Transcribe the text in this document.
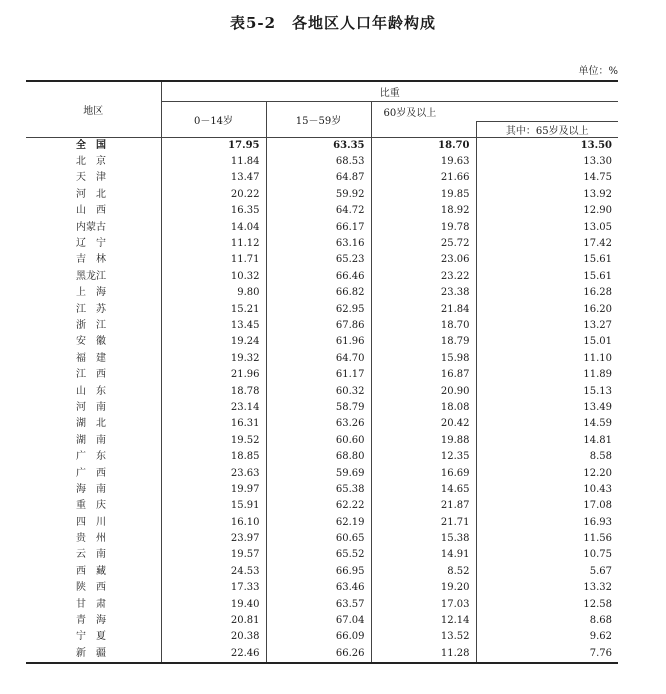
表5-2　各地区人口年龄构成
单位：%
地区	比重			
	0－14岁	15－59岁	60岁及以上	
				其中：65岁及以上
全　国	17.95	63.35	18.70	13.50
北　京	11.84	68.53	19.63	13.30
天　津	13.47	64.87	21.66	14.75
河　北	20.22	59.92	19.85	13.92
山　西	16.35	64.72	18.92	12.90
内蒙古	14.04	66.17	19.78	13.05
辽　宁	11.12	63.16	25.72	17.42
吉　林	11.71	65.23	23.06	15.61
黑龙江	10.32	66.46	23.22	15.61
上　海	9.80	66.82	23.38	16.28
江　苏	15.21	62.95	21.84	16.20
浙　江	13.45	67.86	18.70	13.27
安　徽	19.24	61.96	18.79	15.01
福　建	19.32	64.70	15.98	11.10
江　西	21.96	61.17	16.87	11.89
山　东	18.78	60.32	20.90	15.13
河　南	23.14	58.79	18.08	13.49
湖　北	16.31	63.26	20.42	14.59
湖　南	19.52	60.60	19.88	14.81
广　东	18.85	68.80	12.35	8.58
广　西	23.63	59.69	16.69	12.20
海　南	19.97	65.38	14.65	10.43
重　庆	15.91	62.22	21.87	17.08
四　川	16.10	62.19	21.71	16.93
贵　州	23.97	60.65	15.38	11.56
云　南	19.57	65.52	14.91	10.75
西　藏	24.53	66.95	8.52	5.67
陕　西	17.33	63.46	19.20	13.32
甘　肃	19.40	63.57	17.03	12.58
青　海	20.81	67.04	12.14	8.68
宁　夏	20.38	66.09	13.52	9.62
新　疆	22.46	66.26	11.28	7.76
